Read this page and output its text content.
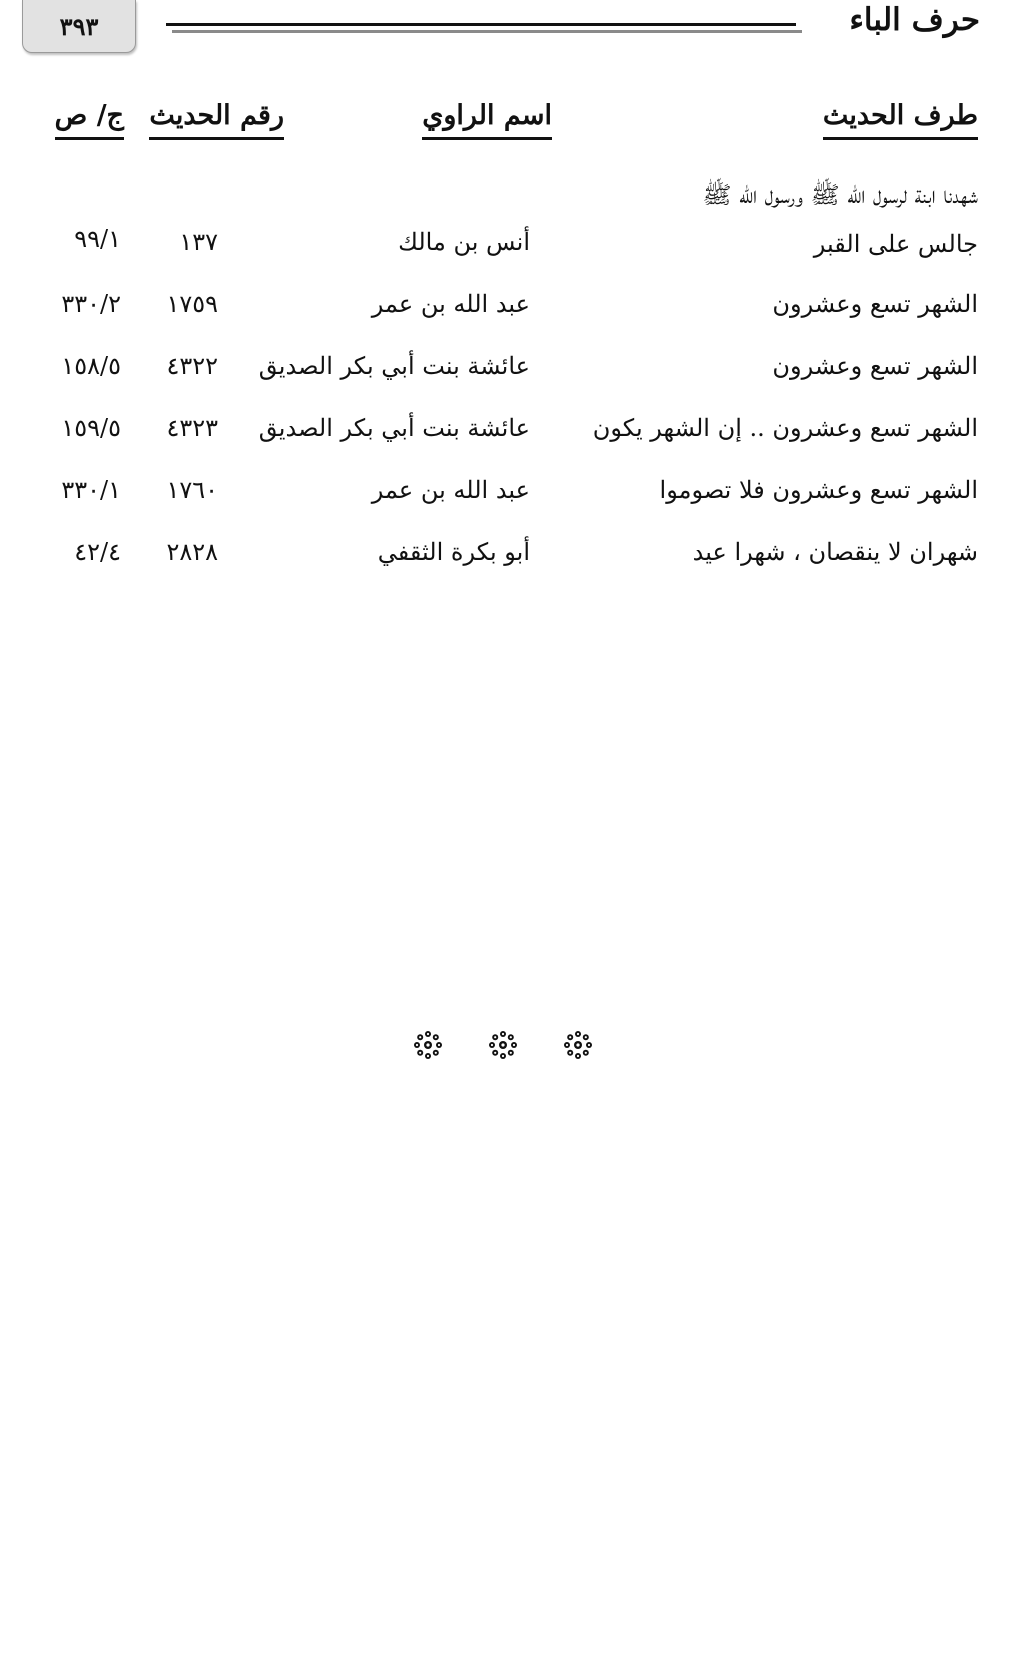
٣٩٣	حرف الباء
طرف الحديث
اسم الراوي
رقم الحديث
ج/ ص
شهدنا ابنة لرسول الله ﷺ ورسول الله ﷺ
جالس على القبر
أنس بن مالك
١٣٧
٩٩/١
الشهر تسع وعشرون
عبد الله بن عمر
١٧٥٩
٣٣٠/٢
الشهر تسع وعشرون
عائشة بنت أبي بكر الصديق
٤٣٢٢
١٥٨/٥
الشهر تسع وعشرون .. إن الشهر يكون
عائشة بنت أبي بكر الصديق
٤٣٢٣
١٥٩/٥
الشهر تسع وعشرون فلا تصوموا
عبد الله بن عمر
١٧٦٠
٣٣٠/١
شهران لا ينقصان ، شهرا عيد
أبو بكرة الثقفي
٢٨٢٨
٤٢/٤
